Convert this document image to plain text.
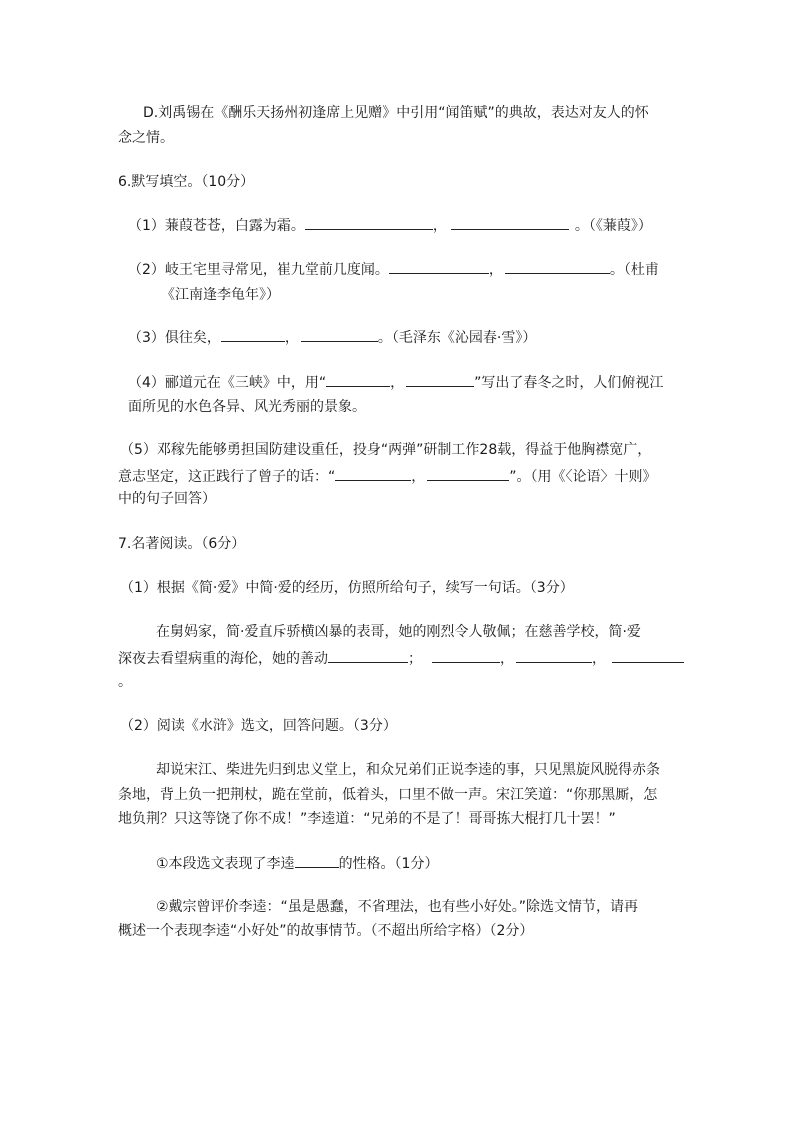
D.刘禹锡在《酬乐天扬州初逢席上见赠》中引用“闻笛赋”的典故，表达对友人的怀
念之情。
6.默写填空。（10分）
（1）蒹葭苍苍，白露为霜。	，	。（《蒹葭》）
（2）岐王宅里寻常见，崔九堂前几度闻。	，	。（杜甫
《江南逢李龟年》）
（3）俱往矣，	，	。（毛泽东《沁园春·雪》）
（4）郦道元在《三峡》中，用“	，	”写出了春冬之时，人们俯视江
面所见的水色各异、风光秀丽的景象。
（5）邓稼先能够勇担国防建设重任，投身“两弹”研制工作28载，得益于他胸襟宽广，
意志坚定，这正践行了曾子的话：“	，	”。（用《〈论语〉十则》
中的句子回答）
7.名著阅读。（6分）
（1）根据《简·爱》中简·爱的经历，仿照所给句子，续写一句话。（3分）
在舅妈家，简·爱直斥骄横凶暴的表哥，她的刚烈令人敬佩；在慈善学校，简·爱
深夜去看望病重的海伦，她的善动	；	，	，
。
（2）阅读《水浒》选文，回答问题。（3分）
却说宋江、柴进先归到忠义堂上，和众兄弟们正说李逵的事，只见黑旋风脱得赤条
条地，背上负一把荆杖，跪在堂前，低着头，口里不做一声。宋江笑道：“你那黑厮，怎
地负荆？只这等饶了你不成！”李逵道：“兄弟的不是了！哥哥拣大棍打几十罢！”
①本段选文表现了李逵	的性格。（1分）
②戴宗曾评价李逵：“虽是愚蠢，不省理法，也有些小好处。”除选文情节，请再
概述一个表现李逵“小好处”的故事情节。（不超出所给字格）（2分）
